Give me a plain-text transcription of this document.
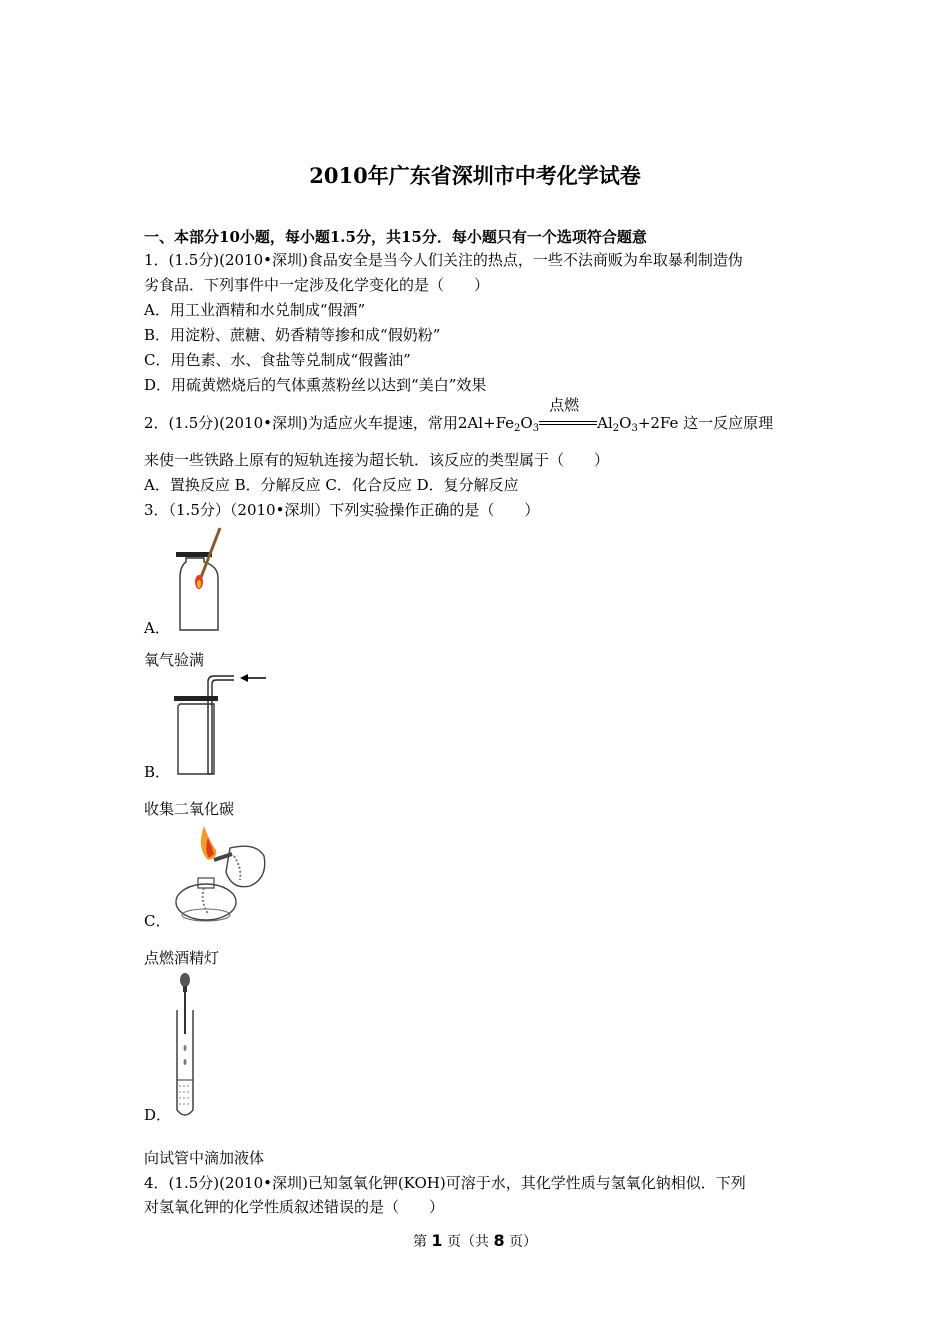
2010年广东省深圳市中考化学试卷
一、本部分10小题，每小题1.5分，共15分．每小题只有一个选项符合题意
1．(1.5分)(2010•深圳)食品安全是当今人们关注的热点，一些不法商贩为牟取暴利制造伪
劣食品．下列事件中一定涉及化学变化的是（　　）
A．用工业酒精和水兑制成“假酒”
B．用淀粉、蔗糖、奶香精等掺和成“假奶粉”
C．用色素、水、食盐等兑制成“假酱油”
D．用硫黄燃烧后的气体熏蒸粉丝以达到“美白”效果
2．(1.5分)(2010•深圳)为适应火车提速，常用$2Al+Fe_2O_3$
点燃
$Al_2O_3+2Fe$ 这一反应原理
来使一些铁路上原有的短轨连接为超长轨．该反应的类型属于（　　）
A．置换反应 B．分解反应 C．化合反应 D．复分解反应
3．（1.5分）（2010•深圳）下列实验操作正确的是（　　）
A．
氧气验满
B．
收集二氧化碳
C．
点燃酒精灯
D．
向试管中滴加液体
4．(1.5分)(2010•深圳)已知氢氧化钾(KOH)可溶于水，其化学性质与氢氧化钠相似．下列
对氢氧化钾的化学性质叙述错误的是（　　）
第 1 页（共 8 页）
